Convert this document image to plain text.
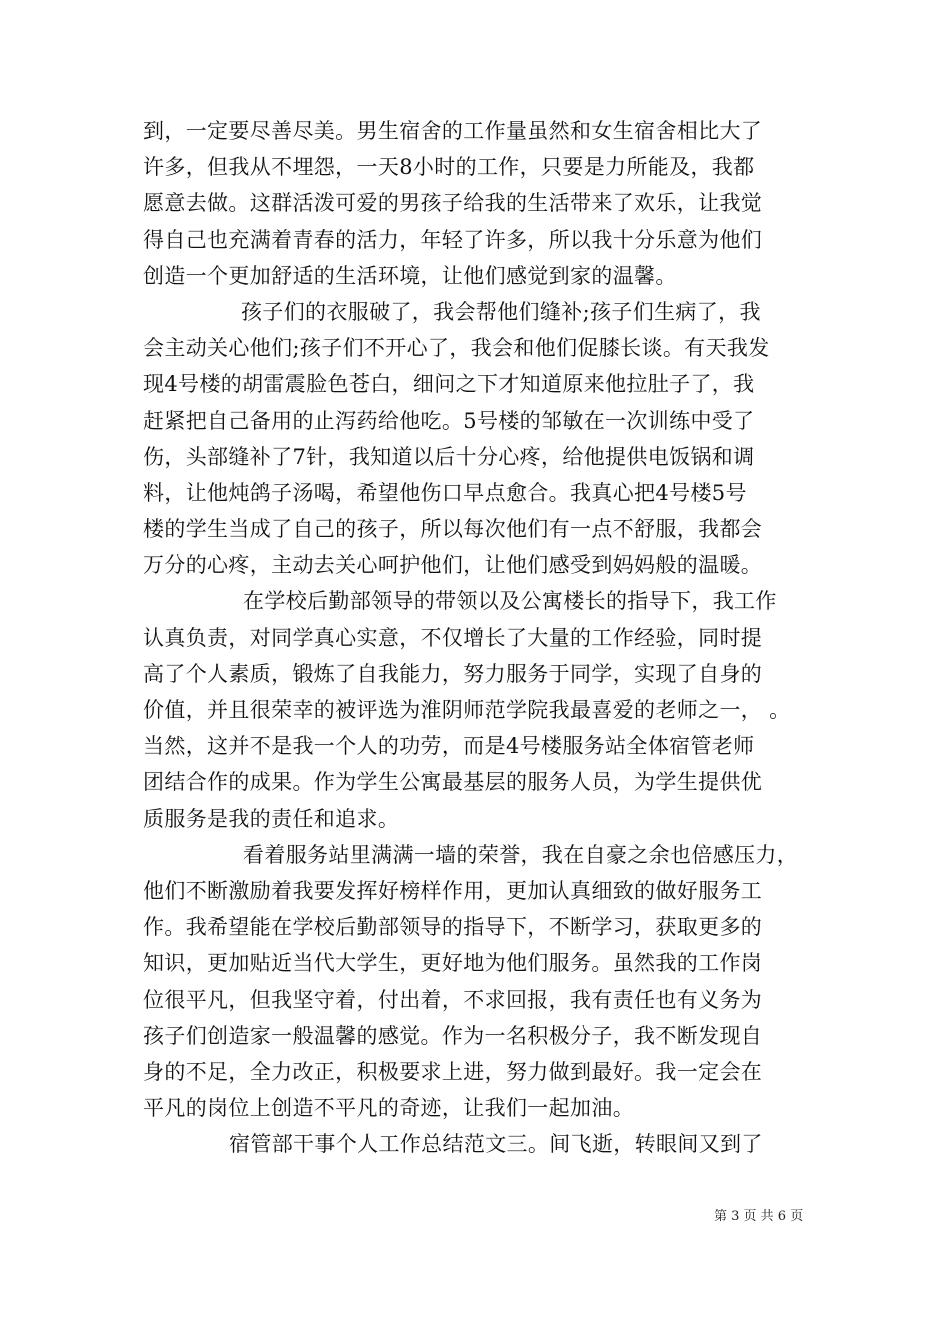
到，一定要尽善尽美。男生宿舍的工作量虽然和女生宿舍相比大了
许多，但我从不埋怨，一天8小时的工作，只要是力所能及，我都
愿意去做。这群活泼可爱的男孩子给我的生活带来了欢乐，让我觉
得自己也充满着青春的活力，年轻了许多，所以我十分乐意为他们
创造一个更加舒适的生活环境，让他们感觉到家的温馨。
孩子们的衣服破了，我会帮他们缝补;孩子们生病了，我
会主动关心他们;孩子们不开心了，我会和他们促膝长谈。有天我发
现4号楼的胡雷震脸色苍白，细问之下才知道原来他拉肚子了，我
赶紧把自己备用的止泻药给他吃。5号楼的邹敏在一次训练中受了
伤，头部缝补了7针，我知道以后十分心疼，给他提供电饭锅和调
料，让他炖鸽子汤喝，希望他伤口早点愈合。我真心把4号楼5号
楼的学生当成了自己的孩子，所以每次他们有一点不舒服，我都会
万分的心疼，主动去关心呵护他们，让他们感受到妈妈般的温暖。
在学校后勤部领导的带领以及公寓楼长的指导下，我工作
认真负责，对同学真心实意，不仅增长了大量的工作经验，同时提
高了个人素质，锻炼了自我能力，努力服务于同学，实现了自身的
价值，并且很荣幸的被评选为淮阴师范学院我最喜爱的老师之一， 。
当然，这并不是我一个人的功劳，而是4号楼服务站全体宿管老师
团结合作的成果。作为学生公寓最基层的服务人员，为学生提供优
质服务是我的责任和追求。
看着服务站里满满一墙的荣誉，我在自豪之余也倍感压力，
他们不断激励着我要发挥好榜样作用，更加认真细致的做好服务工
作。我希望能在学校后勤部领导的指导下，不断学习，获取更多的
知识，更加贴近当代大学生，更好地为他们服务。虽然我的工作岗
位很平凡，但我坚守着，付出着，不求回报，我有责任也有义务为
孩子们创造家一般温馨的感觉。作为一名积极分子，我不断发现自
身的不足，全力改正，积极要求上进，努力做到最好。我一定会在
平凡的岗位上创造不平凡的奇迹，让我们一起加油。
宿管部干事个人工作总结范文三。间飞逝，转眼间又到了
第 3 页 共 6 页
